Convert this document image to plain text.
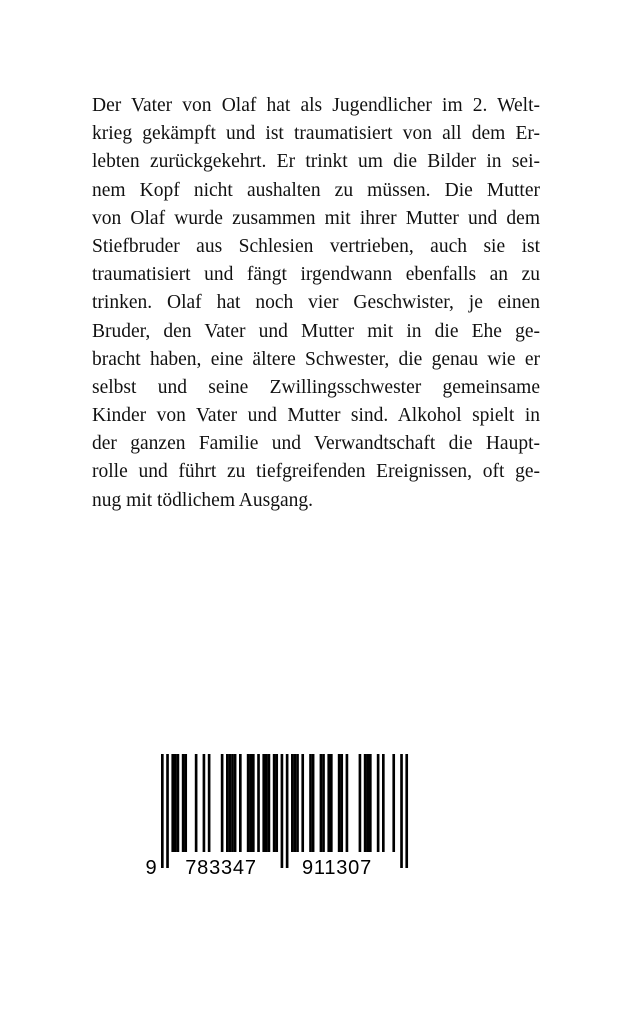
Der Vater von Olaf hat als Jugendlicher im 2. Welt-
krieg gekämpft und ist traumatisiert von all dem Er-
lebten zurückgekehrt. Er trinkt um die Bilder in sei-
nem Kopf nicht aushalten zu müssen. Die Mutter
von Olaf wurde zusammen mit ihrer Mutter und dem
Stiefbruder aus Schlesien vertrieben, auch sie ist
traumatisiert und fängt irgendwann ebenfalls an zu
trinken. Olaf hat noch vier Geschwister, je einen
Bruder, den Vater und Mutter mit in die Ehe ge-
bracht haben, eine ältere Schwester, die genau wie er
selbst und seine Zwillingsschwester gemeinsame
Kinder von Vater und Mutter sind. Alkohol spielt in
der ganzen Familie und Verwandtschaft die Haupt-
rolle und führt zu tiefgreifenden Ereignissen, oft ge-
nug mit tödlichem Ausgang.
9 783347 911307
